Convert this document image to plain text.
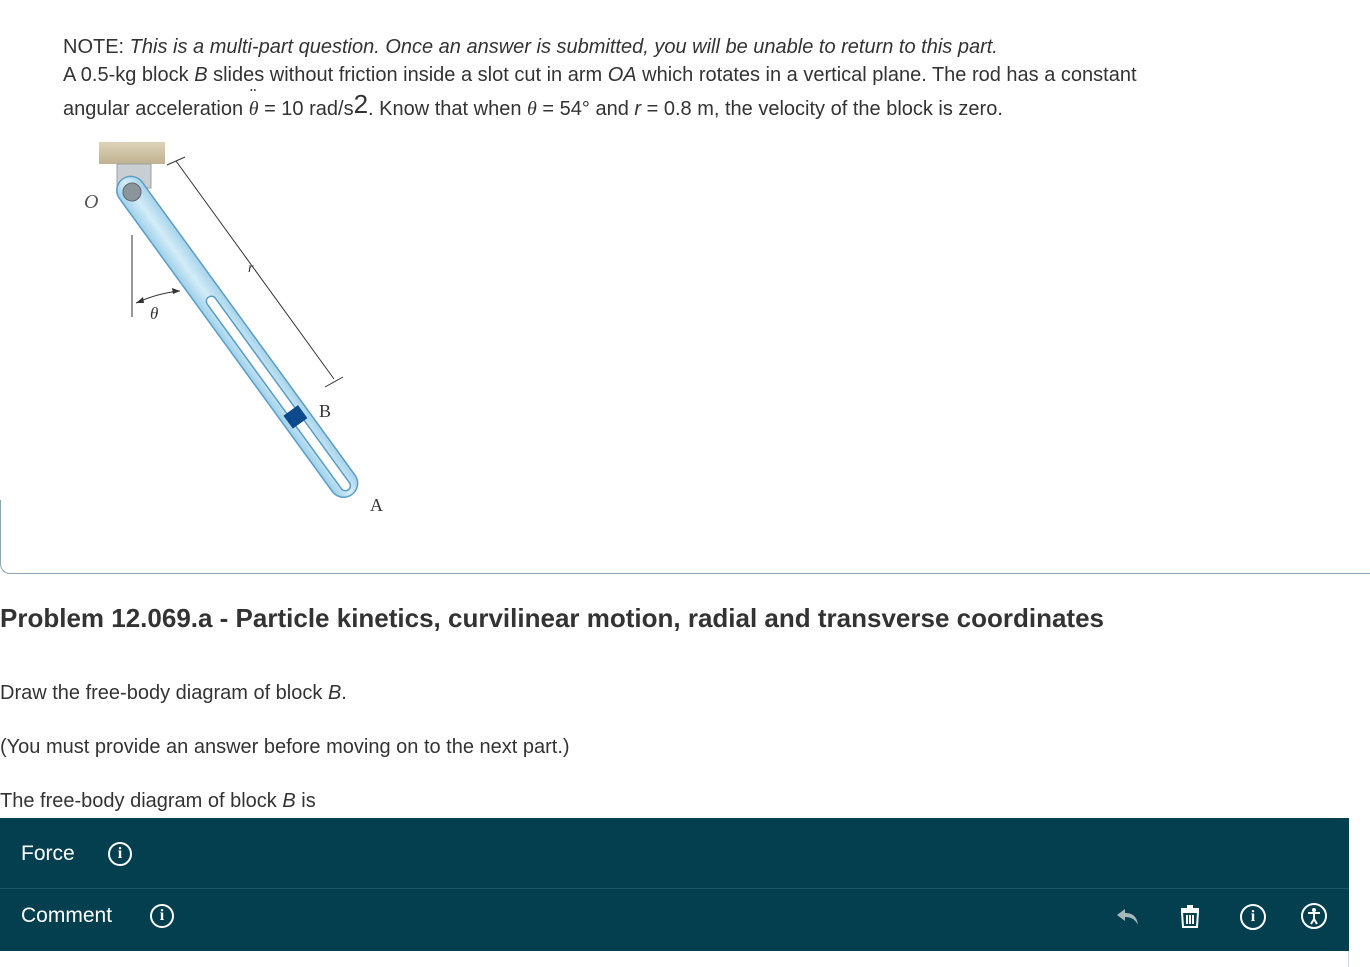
NOTE: This is a multi-part question. Once an answer is submitted, you will be unable to return to this part.
A 0.5-kg block B slides without friction inside a slot cut in arm OA which rotates in a vertical plane. The rod has a constant
angular acceleration ¨ θ = 10 rad/s2. Know that when θ = 54° and r = 0.8 m, the velocity of the block is zero.
O
θ
r
B
A
Problem 12.069.a - Particle kinetics, curvilinear motion, radial and transverse coordinates
Draw the free-body diagram of block B.
(You must provide an answer before moving on to the next part.)
The free-body diagram of block B is
Force	i
Comment	i	i
